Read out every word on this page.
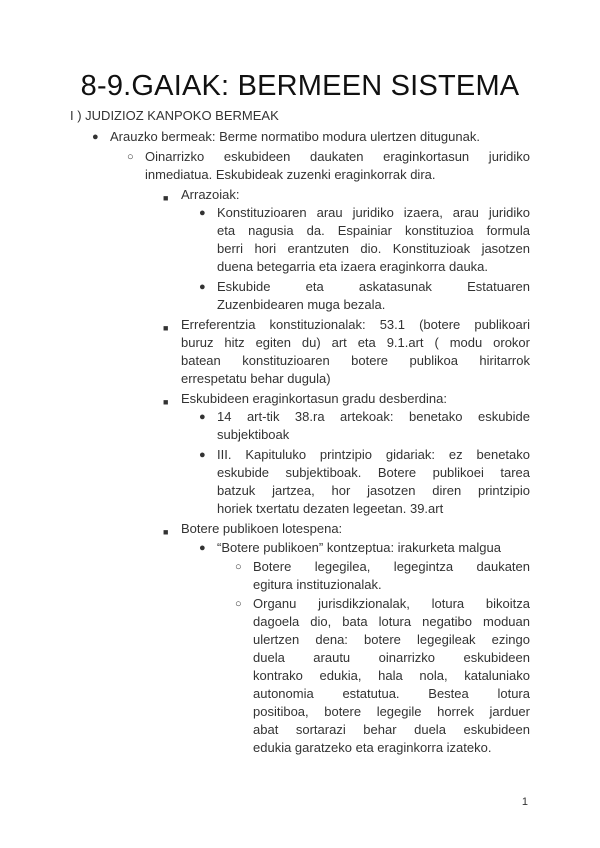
8-9.GAIAK: BERMEEN SISTEMA
I ) JUDIZIOZ KANPOKO BERMEAK
● Arauzko bermeak: Berme normatibo modura ulertzen ditugunak.
○ Oinarrizko eskubideen daukaten eraginkortasun juridiko
inmediatua. Eskubideak zuzenki eraginkorrak dira.
■ Arrazoiak:
● Konstituzioaren arau juridiko izaera, arau juridiko
eta nagusia da. Espainiar konstituzioa formula
berri hori erantzuten dio. Konstituzioak jasotzen
duena betegarria eta izaera eraginkorra dauka.
● Eskubide eta askatasunak Estatuaren
Zuzenbidearen muga bezala.
■ Erreferentzia konstituzionalak: 53.1 (botere publikoari
buruz hitz egiten du) art eta 9.1.art ( modu orokor
batean konstituzioaren botere publikoa hiritarrok
errespetatu behar dugula)
■ Eskubideen eraginkortasun gradu desberdina:
● 14 art-tik 38.ra artekoak: benetako eskubide
subjektiboak
● III. Kapituluko printzipio gidariak: ez benetako
eskubide subjektiboak. Botere publikoei tarea
batzuk jartzea, hor jasotzen diren printzipio
horiek txertatu dezaten legeetan. 39.art
■ Botere publikoen lotespena:
● “Botere publikoen” kontzeptua: irakurketa malgua
○ Botere legegilea, legegintza daukaten
egitura instituzionalak.
○ Organu jurisdikzionalak, lotura bikoitza
dagoela dio, bata lotura negatibo moduan
ulertzen dena: botere legegileak ezingo
duela arautu oinarrizko eskubideen
kontrako edukia, hala nola, kataluniako
autonomia estatutua. Bestea lotura
positiboa, botere legegile horrek jarduer
abat sortarazi behar duela eskubideen
edukia garatzeko eta eraginkorra izateko.
1
